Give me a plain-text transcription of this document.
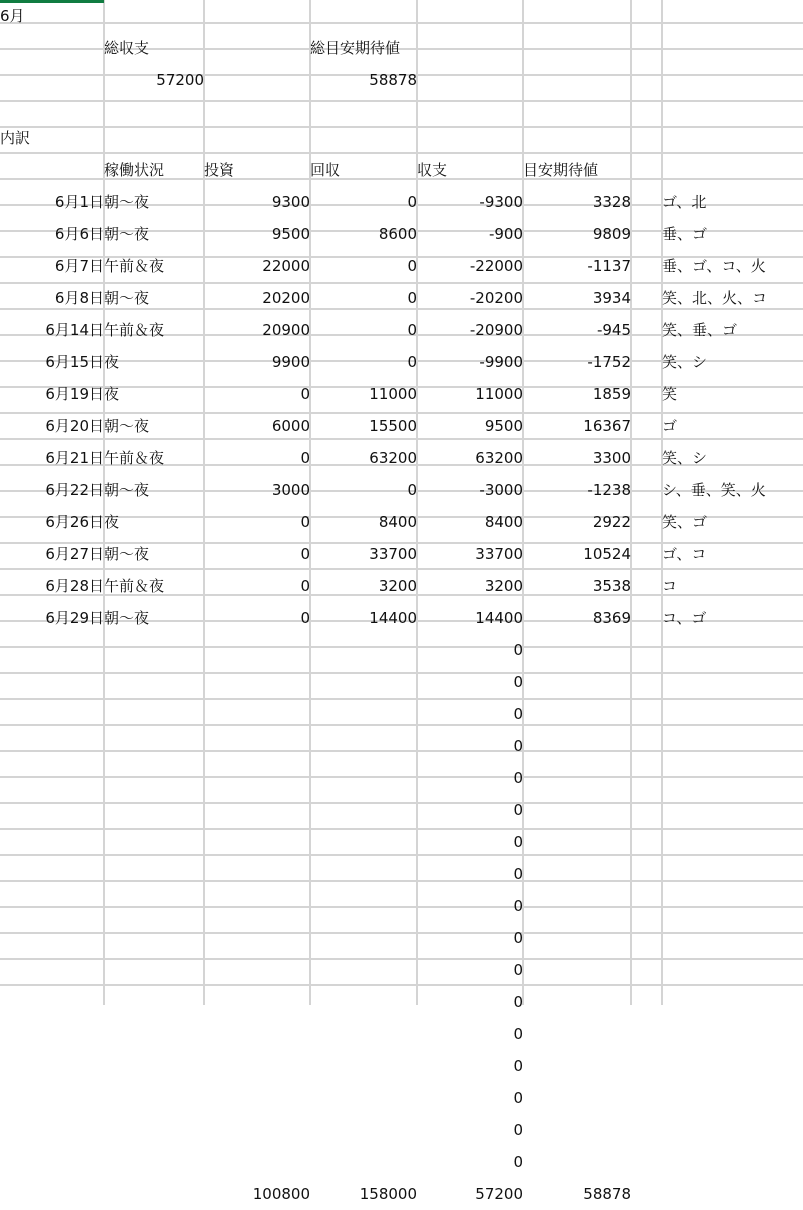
6月							
	総収支		総目安期待値				
	57200		58878				

内訳							
	稼働状況	投資	回収	収支	目安期待値		
6月1日	朝～夜	9300	0	-9300	3328		ゴ、北
6月6日	朝～夜	9500	8600	-900	9809		垂、ゴ
6月7日	午前＆夜	22000	0	-22000	-1137		垂、ゴ、コ、火
6月8日	朝～夜	20200	0	-20200	3934		笑、北、火、コ
6月14日	午前＆夜	20900	0	-20900	-945		笑、垂、ゴ
6月15日	夜	9900	0	-9900	-1752		笑、シ
6月19日	夜	0	11000	11000	1859		笑
6月20日	朝～夜	6000	15500	9500	16367		ゴ
6月21日	午前＆夜	0	63200	63200	3300		笑、シ
6月22日	朝～夜	3000	0	-3000	-1238		シ、垂、笑、火
6月26日	夜	0	8400	8400	2922		笑、ゴ
6月27日	朝～夜	0	33700	33700	10524		ゴ、コ
6月28日	午前＆夜	0	3200	3200	3538		コ
6月29日	朝～夜	0	14400	14400	8369		コ、ゴ
				0			
				0			
				0			
				0			
				0			
				0			
				0			
				0			
				0			
				0			
				0			
				0			
				0			
				0			
				0			
				0			
				0			
		100800	158000	57200	58878		
